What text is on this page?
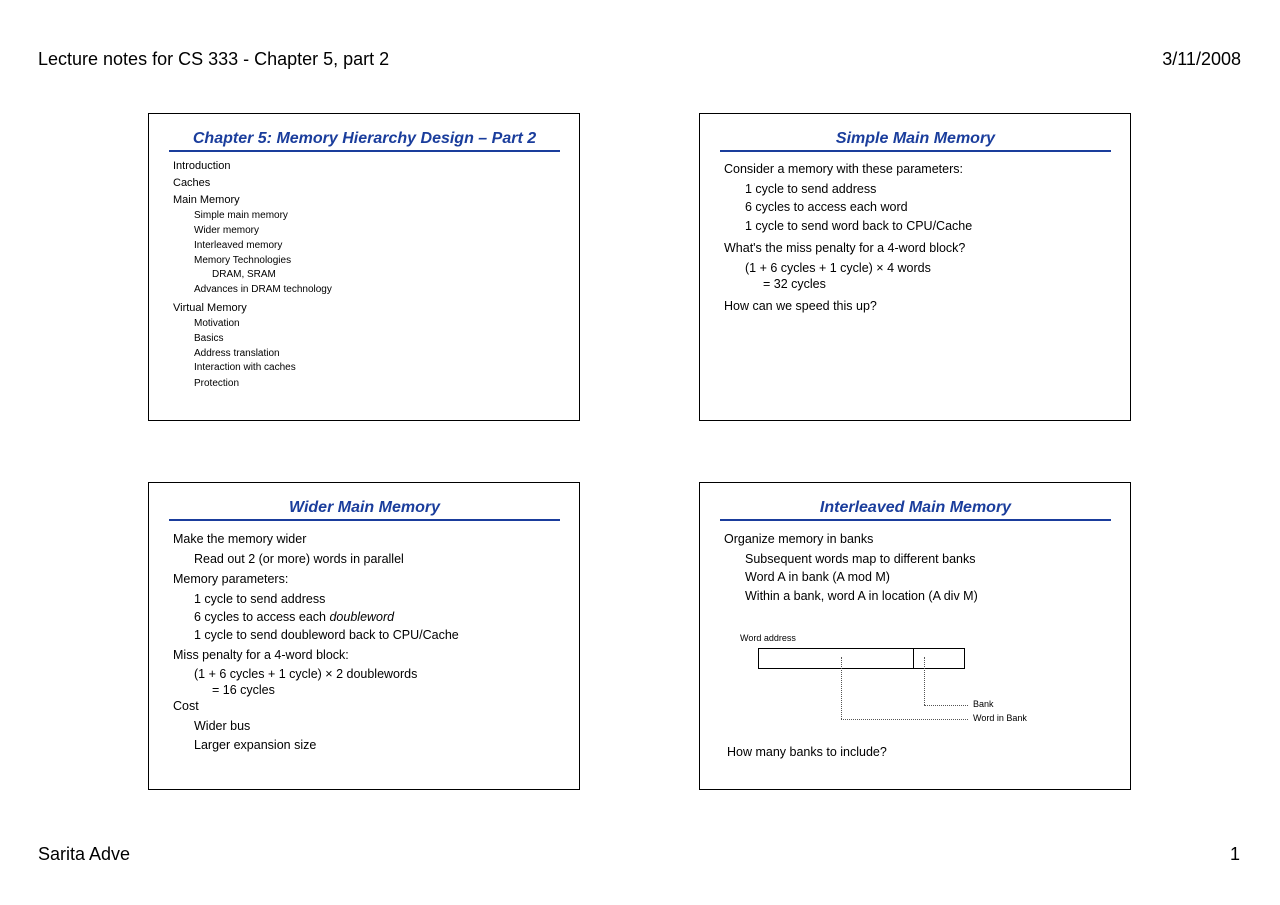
Lecture notes for CS 333 - Chapter 5, part 2	3/11/2008
Chapter 5: Memory Hierarchy Design – Part 2
Introduction
Caches
Main Memory
Simple main memory
Wider memory
Interleaved memory
Memory Technologies
DRAM, SRAM
Advances in DRAM technology
Virtual Memory
Motivation
Basics
Address translation
Interaction with caches
Protection
Simple Main Memory
Consider a memory with these parameters:
1 cycle to send address
6 cycles to access each word
1 cycle to send word back to CPU/Cache
What's the miss penalty for a 4-word block?
(1 + 6 cycles + 1 cycle) × 4 words
= 32 cycles
How can we speed this up?
Wider Main Memory
Make the memory wider
Read out 2 (or more) words in parallel
Memory parameters:
1 cycle to send address
6 cycles to access each doubleword
1 cycle to send doubleword back to CPU/Cache
Miss penalty for a 4-word block:
(1 + 6 cycles + 1 cycle) × 2 doublewords
= 16 cycles
Cost
Wider bus
Larger expansion size
Interleaved Main Memory
Organize memory in banks
Subsequent words map to different banks
Word A in bank (A mod M)
Within a bank, word A in location (A div M)
How many banks to include?
Word address
Bank
Word in Bank
Sarita Adve	1
